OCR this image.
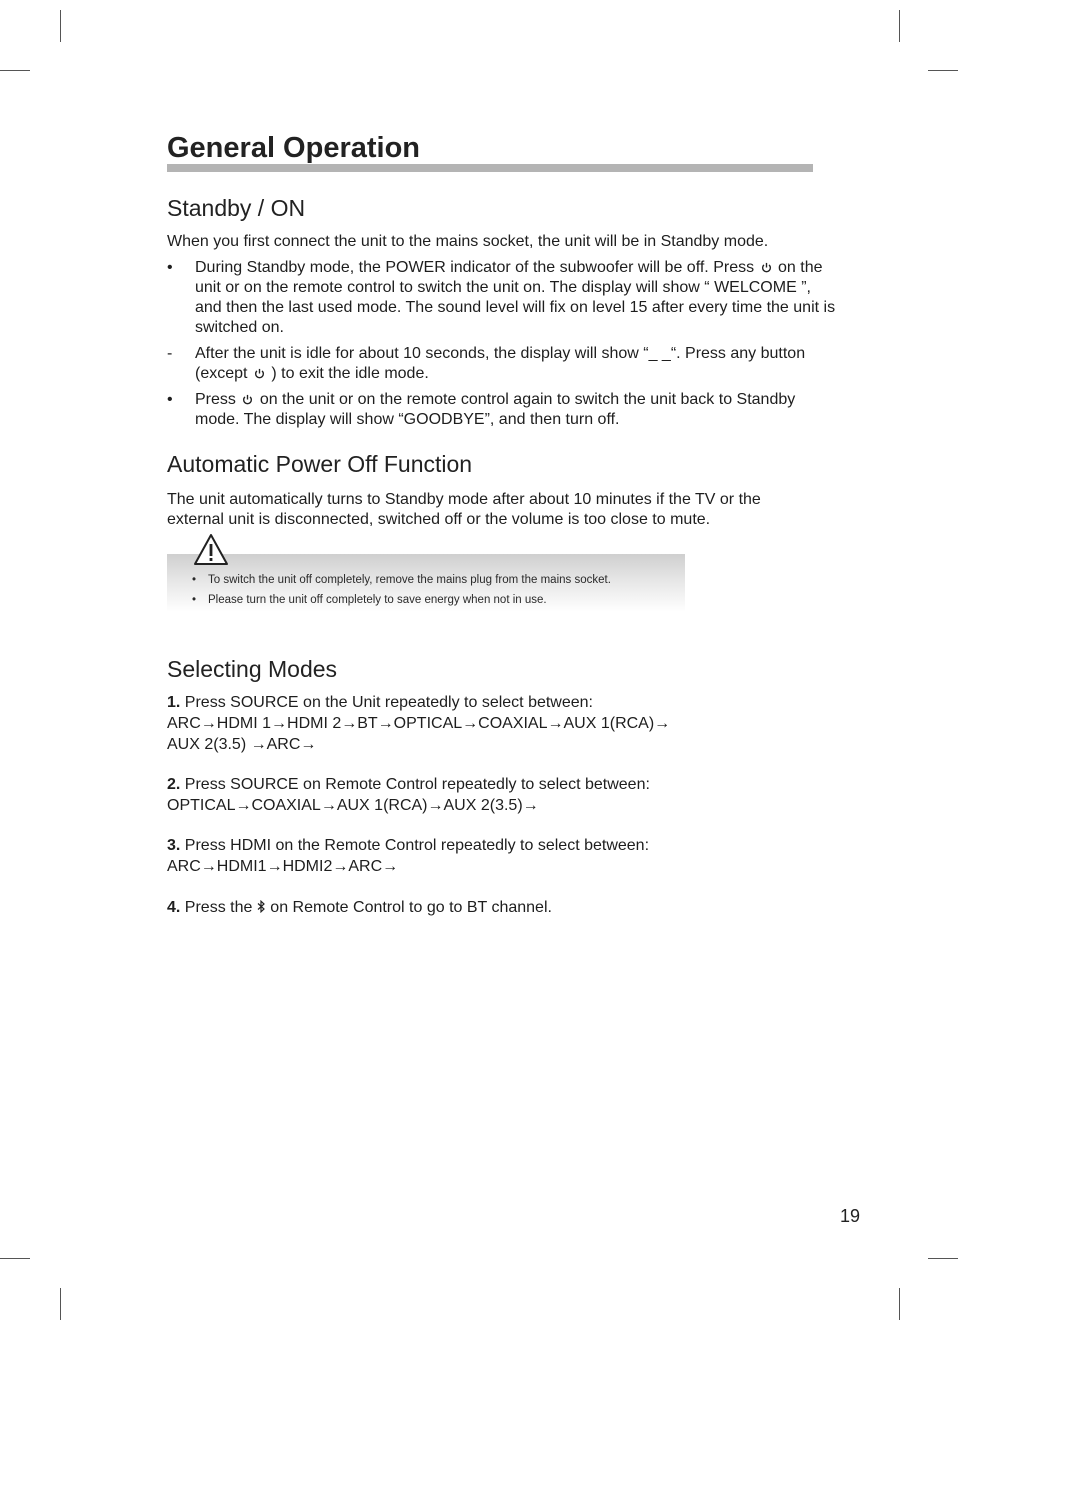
General Operation
Standby / ON

When you first connect the unit to the mains socket, the unit will be in Standby mode.

• During Standby mode, the POWER indicator of the subwoofer will be off. Press on the unit or on the remote control to switch the unit on. The display will show “ WELCOME ”, and then the last used mode. The sound level will fix on level 15 after every time the unit is switched on.
- After the unit is idle for about 10 seconds, the display will show “_ _“. Press any button (except ) to exit the idle mode.
• Press on the unit or on the remote control again to switch the unit back to Standby mode. The display will show “GOODBYE”, and then turn off.
Automatic Power Off Function

The unit automatically turns to Standby mode after about 10 minutes if the TV or the external unit is disconnected, switched off or the volume is too close to mute.

• To switch the unit off completely, remove the mains plug from the mains socket.
• Please turn the unit off completely to save energy when not in use.
Selecting Modes
1. Press SOURCE on the Unit repeatedly to select between:
ARC→HDMI 1→HDMI 2→BT→OPTICAL→COAXIAL→AUX 1(RCA)→
AUX 2(3.5) →ARC→
2. Press SOURCE on Remote Control repeatedly to select between:
OPTICAL→COAXIAL→AUX 1(RCA)→AUX 2(3.5)→
3. Press HDMI on the Remote Control repeatedly to select between:
ARC→HDMI1→HDMI2→ARC→
4. Press the on Remote Control to go to BT channel.
19
